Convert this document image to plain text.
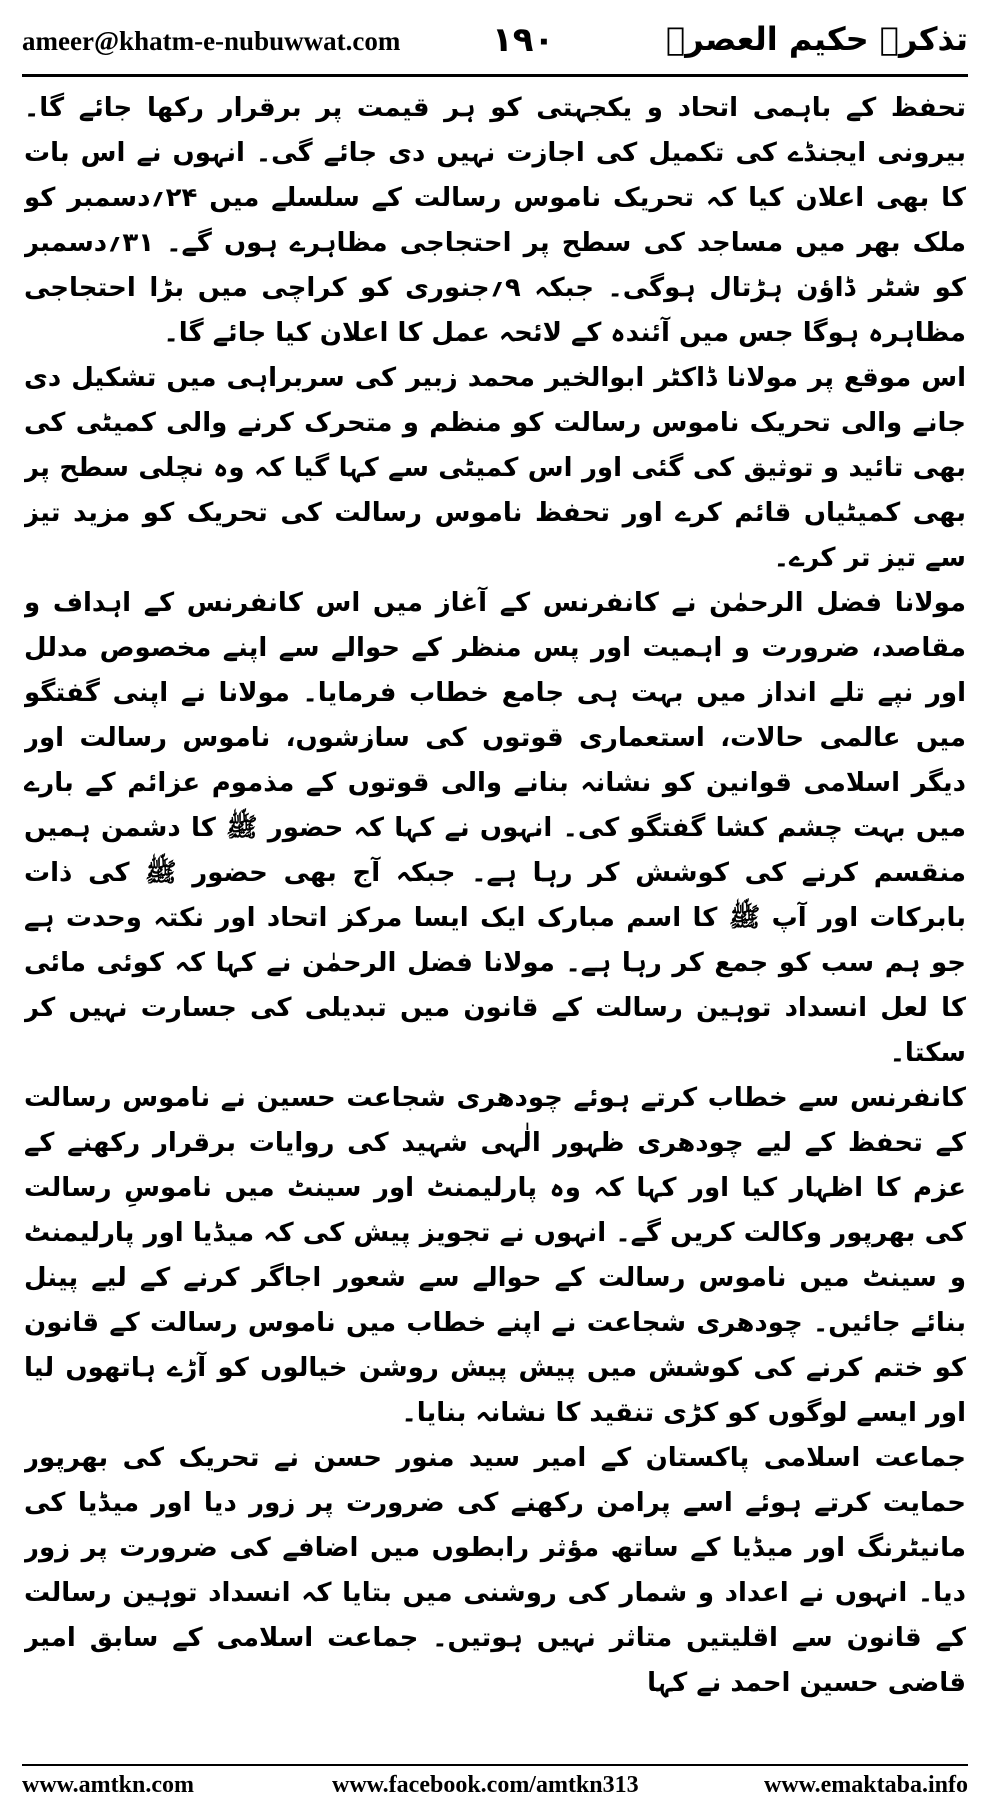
ameer@khatm-e-nubuwwat.com	۱۹۰	تذکرہ حکیم العصرؒ

تحفظ کے باہمی اتحاد و یکجہتی کو ہر قیمت پر برقرار رکھا جائے گا۔ بیرونی ایجنڈے کی تکمیل کی اجازت نہیں دی جائے گی۔ انہوں نے اس بات کا بھی اعلان کیا کہ تحریک ناموس رسالت کے سلسلے میں ۲۴؍دسمبر کو ملک بھر میں مساجد کی سطح پر احتجاجی مظاہرے ہوں گے۔ ۳۱؍دسمبر کو شٹر ڈاؤن ہڑتال ہوگی۔ جبکہ ۹؍جنوری کو کراچی میں بڑا احتجاجی مظاہرہ ہوگا جس میں آئندہ کے لائحہ عمل کا اعلان کیا جائے گا۔

اس موقع پر مولانا ڈاکٹر ابوالخیر محمد زبیر کی سربراہی میں تشکیل دی جانے والی تحریک ناموس رسالت کو منظم و متحرک کرنے والی کمیٹی کی بھی تائید و توثیق کی گئی اور اس کمیٹی سے کہا گیا کہ وہ نچلی سطح پر بھی کمیٹیاں قائم کرے اور تحفظ ناموس رسالت کی تحریک کو مزید تیز سے تیز تر کرے۔

مولانا فضل الرحمٰن نے کانفرنس کے آغاز میں اس کانفرنس کے اہداف و مقاصد، ضرورت و اہمیت اور پس منظر کے حوالے سے اپنے مخصوص مدلل اور نپے تلے انداز میں بہت ہی جامع خطاب فرمایا۔ مولانا نے اپنی گفتگو میں عالمی حالات، استعماری قوتوں کی سازشوں، ناموس رسالت اور دیگر اسلامی قوانین کو نشانہ بنانے والی قوتوں کے مذموم عزائم کے بارے میں بہت چشم کشا گفتگو کی۔ انہوں نے کہا کہ حضور ﷺ کا دشمن ہمیں منقسم کرنے کی کوشش کر رہا ہے۔ جبکہ آج بھی حضور ﷺ کی ذات بابرکات اور آپ ﷺ کا اسم مبارک ایک ایسا مرکز اتحاد اور نکتہ وحدت ہے جو ہم سب کو جمع کر رہا ہے۔ مولانا فضل الرحمٰن نے کہا کہ کوئی مائی کا لعل انسداد توہین رسالت کے قانون میں تبدیلی کی جسارت نہیں کر سکتا۔

کانفرنس سے خطاب کرتے ہوئے چودھری شجاعت حسین نے ناموس رسالت کے تحفظ کے لیے چودھری ظہور الٰہی شہید کی روایات برقرار رکھنے کے عزم کا اظہار کیا اور کہا کہ وہ پارلیمنٹ اور سینٹ میں ناموسِ رسالت کی بھرپور وکالت کریں گے۔ انہوں نے تجویز پیش کی کہ میڈیا اور پارلیمنٹ و سینٹ میں ناموس رسالت کے حوالے سے شعور اجاگر کرنے کے لیے پینل بنائے جائیں۔ چودھری شجاعت نے اپنے خطاب میں ناموس رسالت کے قانون کو ختم کرنے کی کوشش میں پیش پیش روشن خیالوں کو آڑے ہاتھوں لیا اور ایسے لوگوں کو کڑی تنقید کا نشانہ بنایا۔

جماعت اسلامی پاکستان کے امیر سید منور حسن نے تحریک کی بھرپور حمایت کرتے ہوئے اسے پرامن رکھنے کی ضرورت پر زور دیا اور میڈیا کی مانیٹرنگ اور میڈیا کے ساتھ مؤثر رابطوں میں اضافے کی ضرورت پر زور دیا۔ انہوں نے اعداد و شمار کی روشنی میں بتایا کہ انسداد توہین رسالت کے قانون سے اقلیتیں متاثر نہیں ہوتیں۔ جماعت اسلامی کے سابق امیر قاضی حسین احمد نے کہا

www.amtkn.com	www.facebook.com/amtkn313	www.emaktaba.info
